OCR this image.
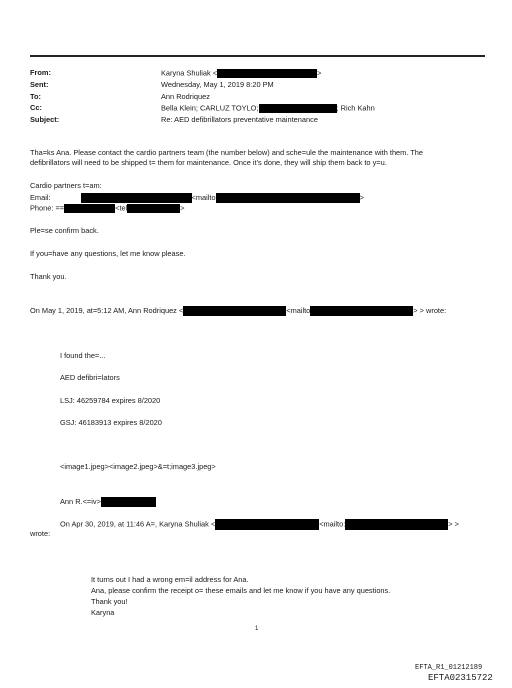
From:	Karyna Shuliak <	>
Sent:	Wednesday, May 1, 2019 8:20 PM
To:	Ann Rodriquez
Cc:	Bella Klein; CARLUZ TOYLO;	; Rich Kahn
Subject:	Re: AED defibrillators preventative maintenance
Tha=ks Ana. Please contact the cardio partners team (the number below) and sche=ule the maintenance with them. The
defibrillators will need to be shipped t= them for maintenance. Once it's done, they will ship them back to y=u.
Cardio partners t=am:
Email:	<mailto	>
Phone: ==	<tel	>
Ple=se confirm back.
If you=have any questions, let me know please.
Thank you.
On May 1, 2019, at=5:12 AM, Ann Rodriquez <	<mailto	> > wrote:
I found the=...
AED defibri=lators
LSJ: 46259784 expires 8/2020
GSJ: 46183913 expires 8/2020
<image1.jpeg><image2.jpeg>&=t;image3.jpeg>
Ann R.<=iv>
On Apr 30, 2019, at 11:46 A=, Karyna Shuliak <	<mailto:	> >
wrote:
It turns out I had a wrong em=il address for Ana.
Ana, please confirm the receipt o= these emails and let me know if you have any questions.
Thank you!
Karyna
1
EFTA_R1_01212189
EFTA02315722
